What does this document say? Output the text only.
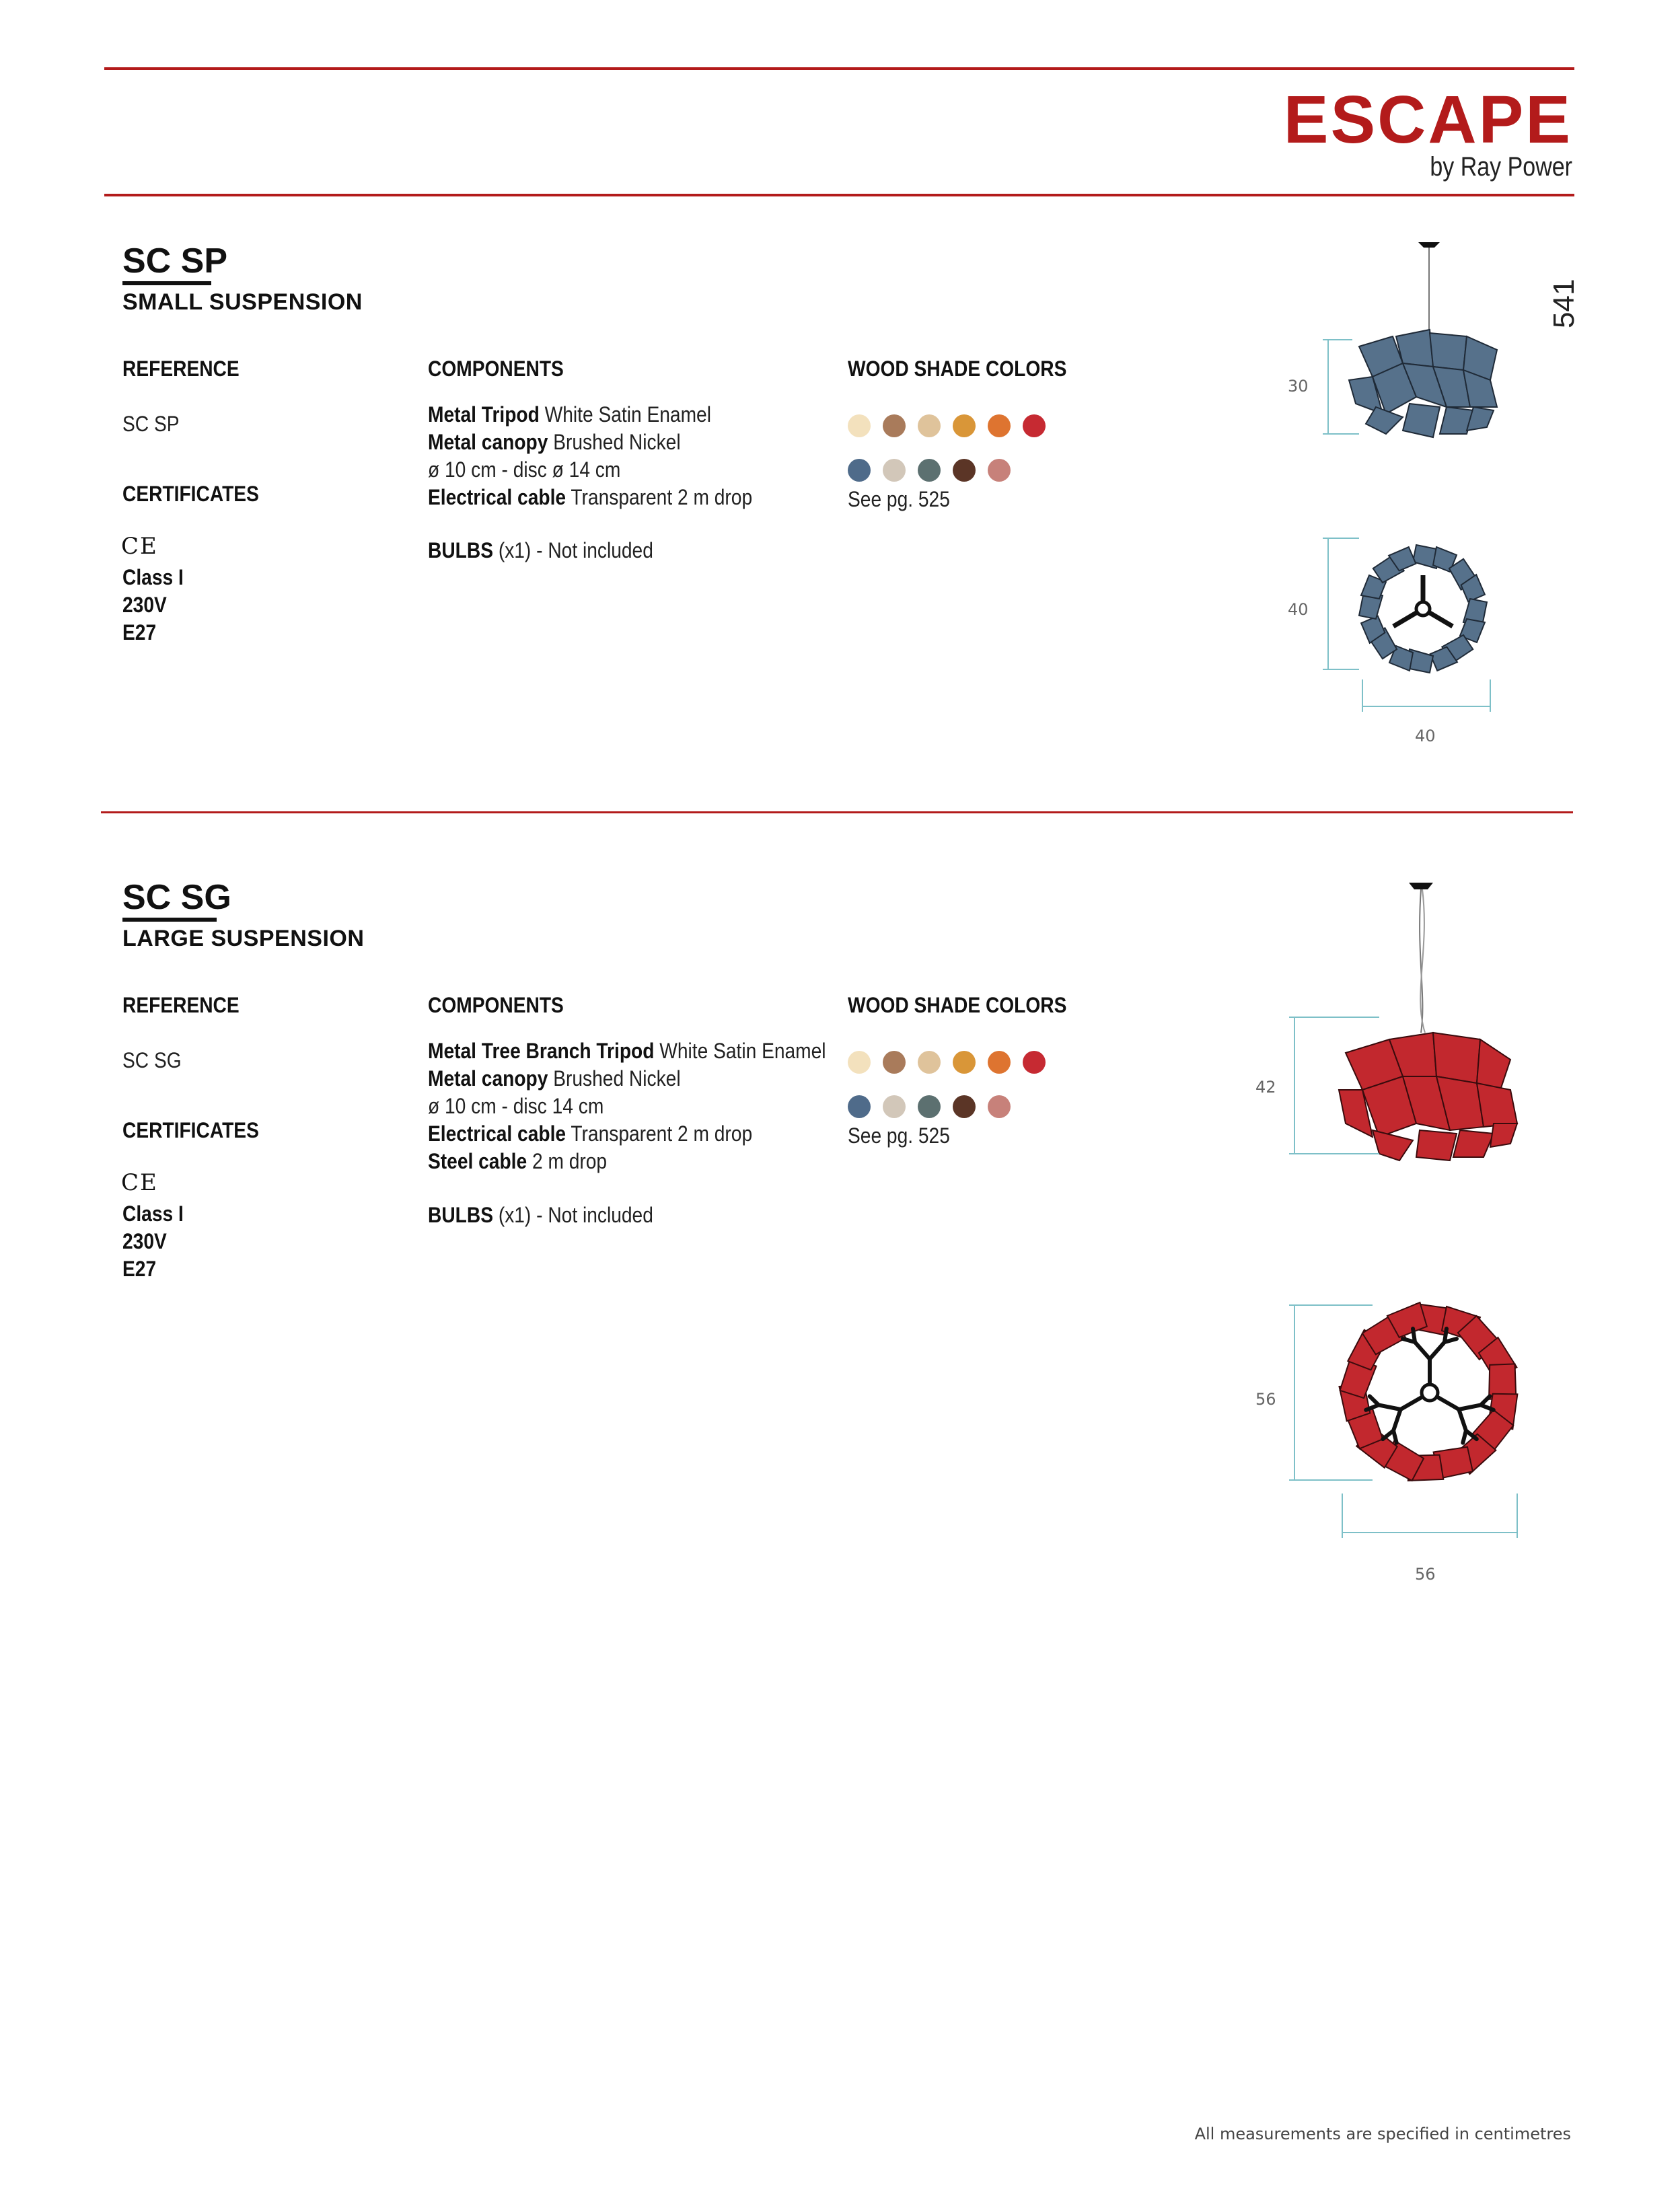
ESCAPE
by Ray Power
541
SC SP
SMALL SUSPENSION
REFERENCE
SC SP
CERTIFICATES
CE
Class I
230V
E27
COMPONENTS
Metal Tripod White Satin Enamel
Metal canopy Brushed Nickel
ø 10 cm - disc ø 14 cm
Electrical cable Transparent 2 m drop
BULBS (x1) - Not included
WOOD SHADE COLORS
See pg. 525
30
40
40
SC SG
LARGE SUSPENSION
REFERENCE
SC SG
CERTIFICATES
CE
Class I
230V
E27
COMPONENTS
Metal Tree Branch Tripod White Satin Enamel
Metal canopy Brushed Nickel
ø 10 cm - disc 14 cm
Electrical cable Transparent 2 m drop
Steel cable 2 m drop
BULBS (x1) - Not included
WOOD SHADE COLORS
See pg. 525
42
56
56
All measurements are specified in centimetres
